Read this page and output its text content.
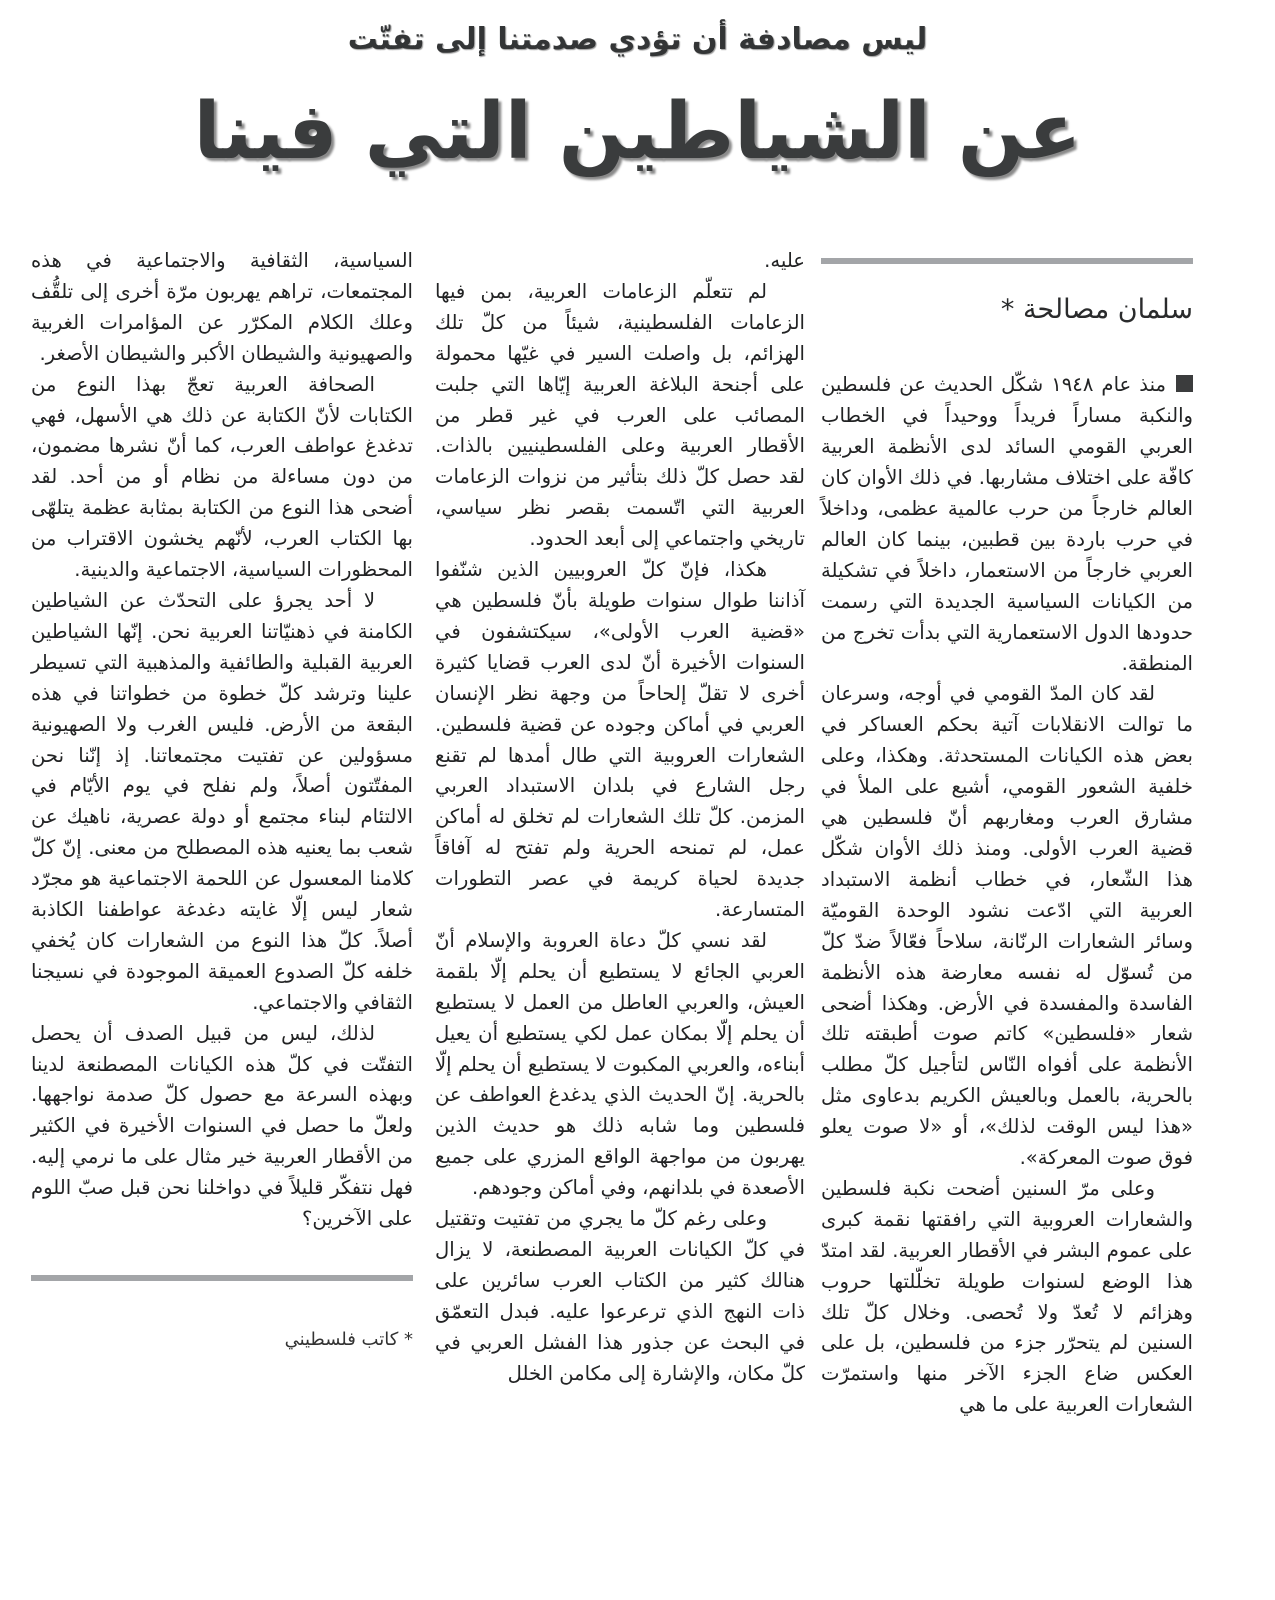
ليس مصادفة أن تؤدي صدمتنا إلى تفتّت
عن الشياطين التي فينا
سلمان مصالحة *

منذ عام ١٩٤٨ شكّل الحديث عن فلسطين والنكبة مساراً فريداً ووحيداً في الخطاب العربي القومي السائد لدى الأنظمة العربية كافّة على اختلاف مشاربها. في ذلك الأوان كان العالم خارجاً من حرب عالمية عظمى، وداخلاً في حرب باردة بين قطبين، بينما كان العالم العربي خارجاً من الاستعمار، داخلاً في تشكيلة من الكيانات السياسية الجديدة التي رسمت حدودها الدول الاستعمارية التي بدأت تخرج من المنطقة.

لقد كان المدّ القومي في أوجه، وسرعان ما توالت الانقلابات آتية بحكم العساكر في بعض هذه الكيانات المستحدثة. وهكذا، وعلى خلفية الشعور القومي، أشيع على الملأ في مشارق العرب ومغاربهم أنّ فلسطين هي قضية العرب الأولى. ومنذ ذلك الأوان شكّل هذا الشّعار، في خطاب أنظمة الاستبداد العربية التي ادّعت نشود الوحدة القوميّة وسائر الشعارات الرنّانة، سلاحاً فعّالاً ضدّ كلّ من تُسوّل له نفسه معارضة هذه الأنظمة الفاسدة والمفسدة في الأرض. وهكذا أضحى شعار «فلسطين» كاتم صوت أطبقته تلك الأنظمة على أفواه النّاس لتأجيل كلّ مطلب بالحرية، بالعمل وبالعيش الكريم بدعاوى مثل «هذا ليس الوقت لذلك»، أو «لا صوت يعلو فوق صوت المعركة».

وعلى مرّ السنين أضحت نكبة فلسطين والشعارات العروبية التي رافقتها نقمة كبرى على عموم البشر في الأقطار العربية. لقد امتدّ هذا الوضع لسنوات طويلة تخلّلتها حروب وهزائم لا تُعدّ ولا تُحصى. وخلال كلّ تلك السنين لم يتحرّر جزء من فلسطين، بل على العكس ضاع الجزء الآخر منها واستمرّت الشعارات العربية على ما هي

عليه.

لم تتعلّم الزعامات العربية، بمن فيها الزعامات الفلسطينية، شيئاً من كلّ تلك الهزائم، بل واصلت السير في غيّها محمولة على أجنحة البلاغة العربية إيّاها التي جلبت المصائب على العرب في غير قطر من الأقطار العربية وعلى الفلسطينيين بالذات. لقد حصل كلّ ذلك بتأثير من نزوات الزعامات العربية التي اتّسمت بقصر نظر سياسي، تاريخي واجتماعي إلى أبعد الحدود.

هكذا، فإنّ كلّ العروبيين الذين شنّفوا آذاننا طوال سنوات طويلة بأنّ فلسطين هي «قضية العرب الأولى»، سيكتشفون في السنوات الأخيرة أنّ لدى العرب قضايا كثيرة أخرى لا تقلّ إلحاحاً من وجهة نظر الإنسان العربي في أماكن وجوده عن قضية فلسطين. الشعارات العروبية التي طال أمدها لم تقنع رجل الشارع في بلدان الاستبداد العربي المزمن. كلّ تلك الشعارات لم تخلق له أماكن عمل، لم تمنحه الحرية ولم تفتح له آفاقاً جديدة لحياة كريمة في عصر التطورات المتسارعة.

لقد نسي كلّ دعاة العروبة والإسلام أنّ العربي الجائع لا يستطيع أن يحلم إلّا بلقمة العيش، والعربي العاطل من العمل لا يستطيع أن يحلم إلّا بمكان عمل لكي يستطيع أن يعيل أبناءه، والعربي المكبوت لا يستطيع أن يحلم إلّا بالحرية. إنّ الحديث الذي يدغدغ العواطف عن فلسطين وما شابه ذلك هو حديث الذين يهربون من مواجهة الواقع المزري على جميع الأصعدة في بلدانهم، وفي أماكن وجودهم.

وعلى رغم كلّ ما يجري من تفتيت وتقتيل في كلّ الكيانات العربية المصطنعة، لا يزال هنالك كثير من الكتاب العرب سائرين على ذات النهج الذي ترعرعوا عليه. فبدل التعمّق في البحث عن جذور هذا الفشل العربي في كلّ مكان، والإشارة إلى مكامن الخلل

السياسية، الثقافية والاجتماعية في هذه المجتمعات، تراهم يهربون مرّة أخرى إلى تلقُّف وعلك الكلام المكرّر عن المؤامرات الغربية والصهيونية والشيطان الأكبر والشيطان الأصغر.

الصحافة العربية تعجّ بهذا النوع من الكتابات لأنّ الكتابة عن ذلك هي الأسهل، فهي تدغدغ عواطف العرب، كما أنّ نشرها مضمون، من دون مساءلة من نظام أو من أحد. لقد أضحى هذا النوع من الكتابة بمثابة عظمة يتلهّى بها الكتاب العرب، لأنّهم يخشون الاقتراب من المحظورات السياسية، الاجتماعية والدينية.

لا أحد يجرؤ على التحدّث عن الشياطين الكامنة في ذهنيّاتنا العربية نحن. إنّها الشياطين العربية القبلية والطائفية والمذهبية التي تسيطر علينا وترشد كلّ خطوة من خطواتنا في هذه البقعة من الأرض. فليس الغرب ولا الصهيونية مسؤولين عن تفتيت مجتمعاتنا. إذ إنّنا نحن المفتّتون أصلاً، ولم نفلح في يوم الأيّام في الالتئام لبناء مجتمع أو دولة عصرية، ناهيك عن شعب بما يعنيه هذه المصطلح من معنى. إنّ كلّ كلامنا المعسول عن اللحمة الاجتماعية هو مجرّد شعار ليس إلّا غايته دغدغة عواطفنا الكاذبة أصلاً. كلّ هذا النوع من الشعارات كان يُخفي خلفه كلّ الصدوع العميقة الموجودة في نسيجنا الثقافي والاجتماعي.

لذلك، ليس من قبيل الصدف أن يحصل التفتّت في كلّ هذه الكيانات المصطنعة لدينا وبهذه السرعة مع حصول كلّ صدمة نواجهها. ولعلّ ما حصل في السنوات الأخيرة في الكثير من الأقطار العربية خير مثال على ما نرمي إليه. فهل نتفكّر قليلاً في دواخلنا نحن قبل صبّ اللوم على الآخرين؟

* كاتب فلسطيني
